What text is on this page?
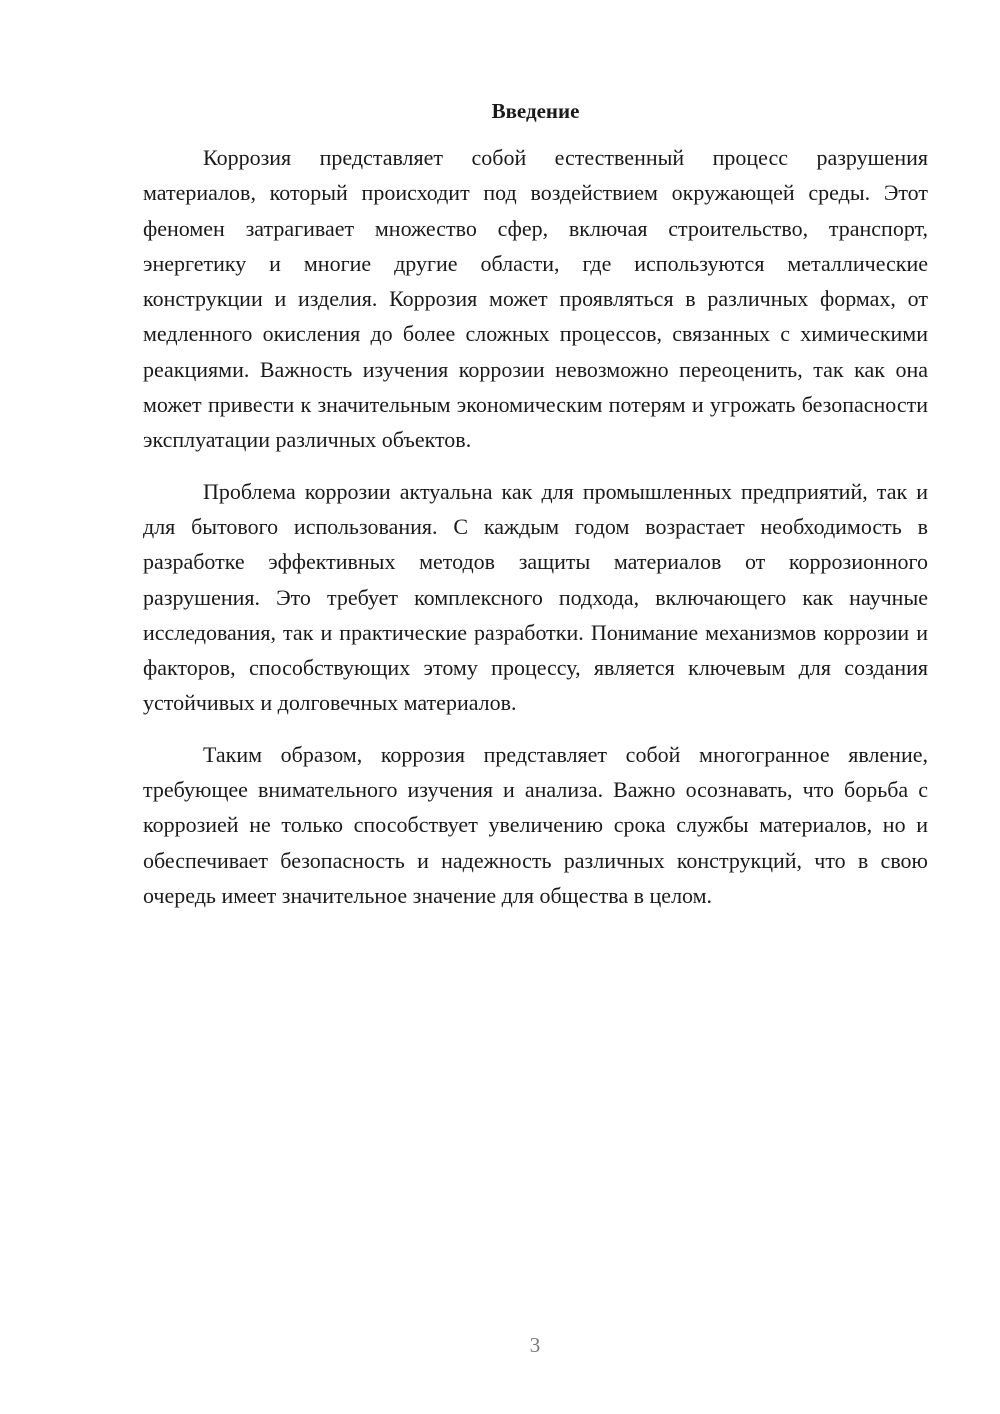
Введение

Коррозия представляет собой естественный процесс разрушения материалов, который происходит под воздействием окружающей среды. Этот феномен затрагивает множество сфер, включая строительство, транспорт, энергетику и многие другие области, где используются металлические конструкции и изделия. Коррозия может проявляться в различных формах, от медленного окисления до более сложных процессов, связанных с химическими реакциями. Важность изучения коррозии невозможно переоценить, так как она может привести к значительным экономическим потерям и угрожать безопасности эксплуатации различных объектов.

Проблема коррозии актуальна как для промышленных предприятий, так и для бытового использования. С каждым годом возрастает необходимость в разработке эффективных методов защиты материалов от коррозионного разрушения. Это требует комплексного подхода, включающего как научные исследования, так и практические разработки. Понимание механизмов коррозии и факторов, способствующих этому процессу, является ключевым для создания устойчивых и долговечных материалов.

Таким образом, коррозия представляет собой многогранное явление, требующее внимательного изучения и анализа. Важно осознавать, что борьба с коррозией не только способствует увеличению срока службы материалов, но и обеспечивает безопасность и надежность различных конструкций, что в свою очередь имеет значительное значение для общества в целом.

3
